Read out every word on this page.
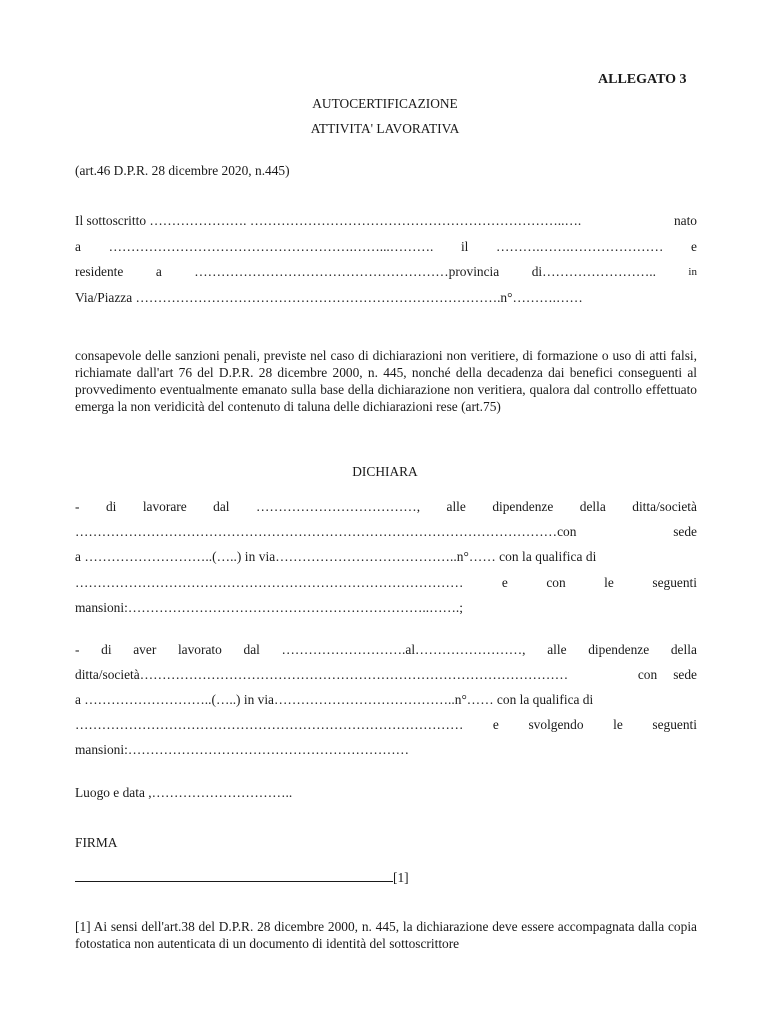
ALLEGATO 3
AUTOCERTIFICAZIONE
ATTIVITA' LAVORATIVA
(art.46 D.P.R. 28 dicembre 2020, n.445)
Il sottoscritto …………………. ……………………………………………………………..….	nato
a ……………………………………………….……...………. il ……….…….………………… e
residente a …………………………………………………provincia di……………………..	in
Via/Piazza ……………………………………………………………………….n°……….……
consapevole delle sanzioni penali, previste nel caso di dichiarazioni non veritiere, di formazione o uso di atti falsi, richiamate dall'art 76 del D.P.R. 28 dicembre 2000, n. 445, nonché della decadenza dai benefici conseguenti al provvedimento eventualmente emanato sulla base della dichiarazione non veritiera, qualora dal controllo effettuato emerga la non veridicità del contenuto di taluna delle dichiarazioni rese (art.75)
DICHIARA
- di lavorare dal ………………………………, alle dipendenze della ditta/società
………………………………………………………………………………………………con	sede
a ………………………..(…..) in via…………………………………..n°…… con la qualifica di
……………………………………………………………………………	e	con	le	seguenti
mansioni:…………………………………………………………..…….;
- di aver lavorato dal ……………………….al……………………, alle dipendenze della
ditta/società……………………………………………………………………………………	con sede
a ………………………..(…..) in via…………………………………..n°…… con la qualifica di
…………………………………………………………………………… e svolgendo le seguenti
mansioni:………………………………………………………
Luogo e data ,…………………………..
FIRMA
[1]
[1] Ai sensi dell'art.38 del D.P.R. 28 dicembre 2000, n. 445, la dichiarazione deve essere accompagnata dalla copia fotostatica non autenticata di un documento di identità del sottoscrittore
